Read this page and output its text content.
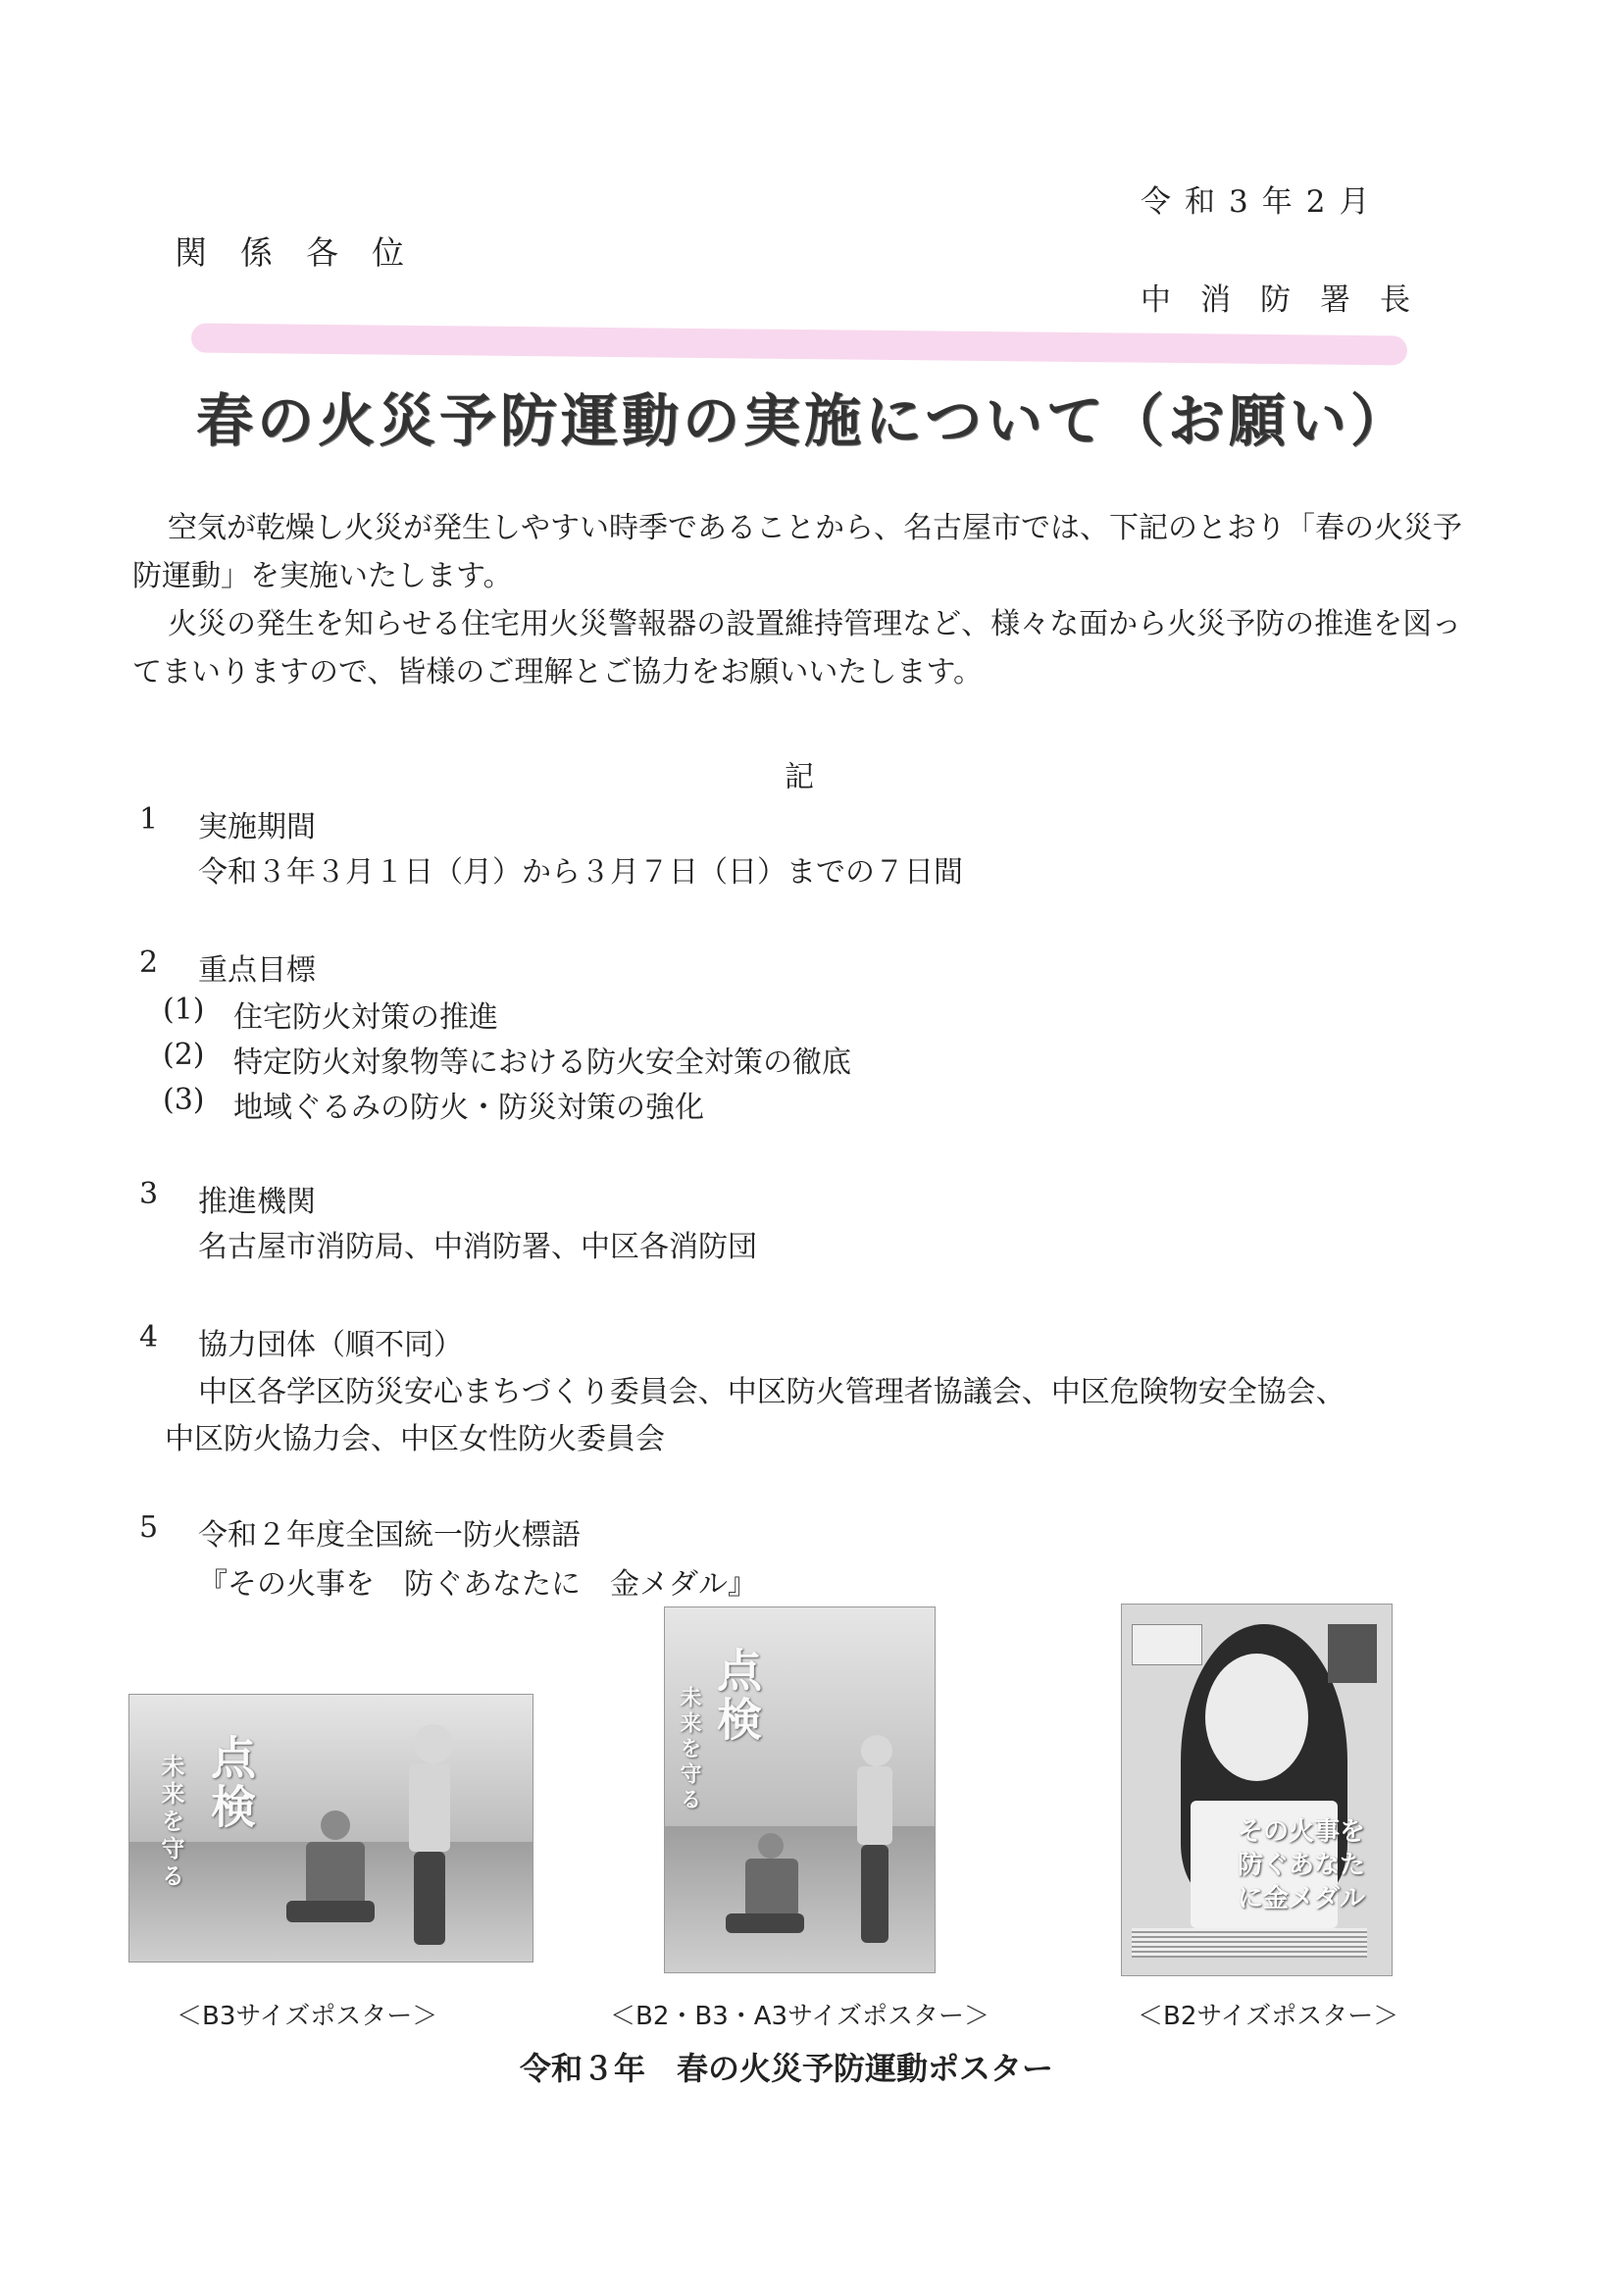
関係各位
令和3年2月
中消防署長
春の火災予防運動の実施について（お願い）

空気が乾燥し火災が発生しやすい時季であることから、名古屋市では、下記のとおり「春の火災予防運動」を実施いたします。

火災の発生を知らせる住宅用火災警報器の設置維持管理など、様々な面から火災予防の推進を図ってまいりますので、皆様のご理解とご協力をお願いいたします。

記
1 実施期間
令和３年３月１日（月）から３月７日（日）までの７日間
2 重点目標
(1) 住宅防火対策の推進
(2) 特定防火対象物等における防火安全対策の徹底
(3) 地域ぐるみの防火・防災対策の強化
3 推進機関
名古屋市消防局、中消防署、中区各消防団
4 協力団体（順不同）
中区各学区防災安心まちづくり委員会、中区防火管理者協議会、中区危険物安全協会、
中区防火協力会、中区女性防火委員会
5 令和２年度全国統一防火標語
『その火事を　防ぐあなたに　金メダル』
点検
未来を守る
＜B3サイズポスター＞
点検
未来を守る
＜B2・B3・A3サイズポスター＞
その火事を防ぐあなたに金メダル
＜B2サイズポスター＞
令和３年　春の火災予防運動ポスター
